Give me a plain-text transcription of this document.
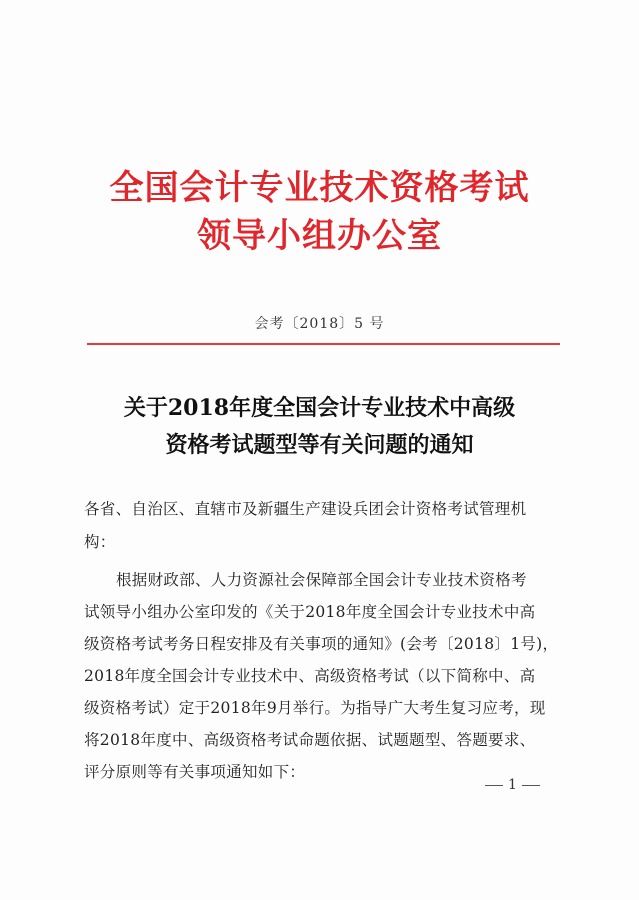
全国会计专业技术资格考试
领导小组办公室
会考〔2018〕5 号
关于2018年度全国会计专业技术中高级
资格考试题型等有关问题的通知
各省、自治区、直辖市及新疆生产建设兵团会计资格考试管理机
构：
根据财政部、人力资源社会保障部全国会计专业技术资格考
试领导小组办公室印发的《关于2018年度全国会计专业技术中高
级资格考试考务日程安排及有关事项的通知》(会考〔2018〕1号)，
2018年度全国会计专业技术中、高级资格考试（以下简称中、高
级资格考试）定于2018年9月举行。为指导广大考生复习应考，现
将2018年度中、高级资格考试命题依据、试题题型、答题要求、
评分原则等有关事项通知如下：
1
